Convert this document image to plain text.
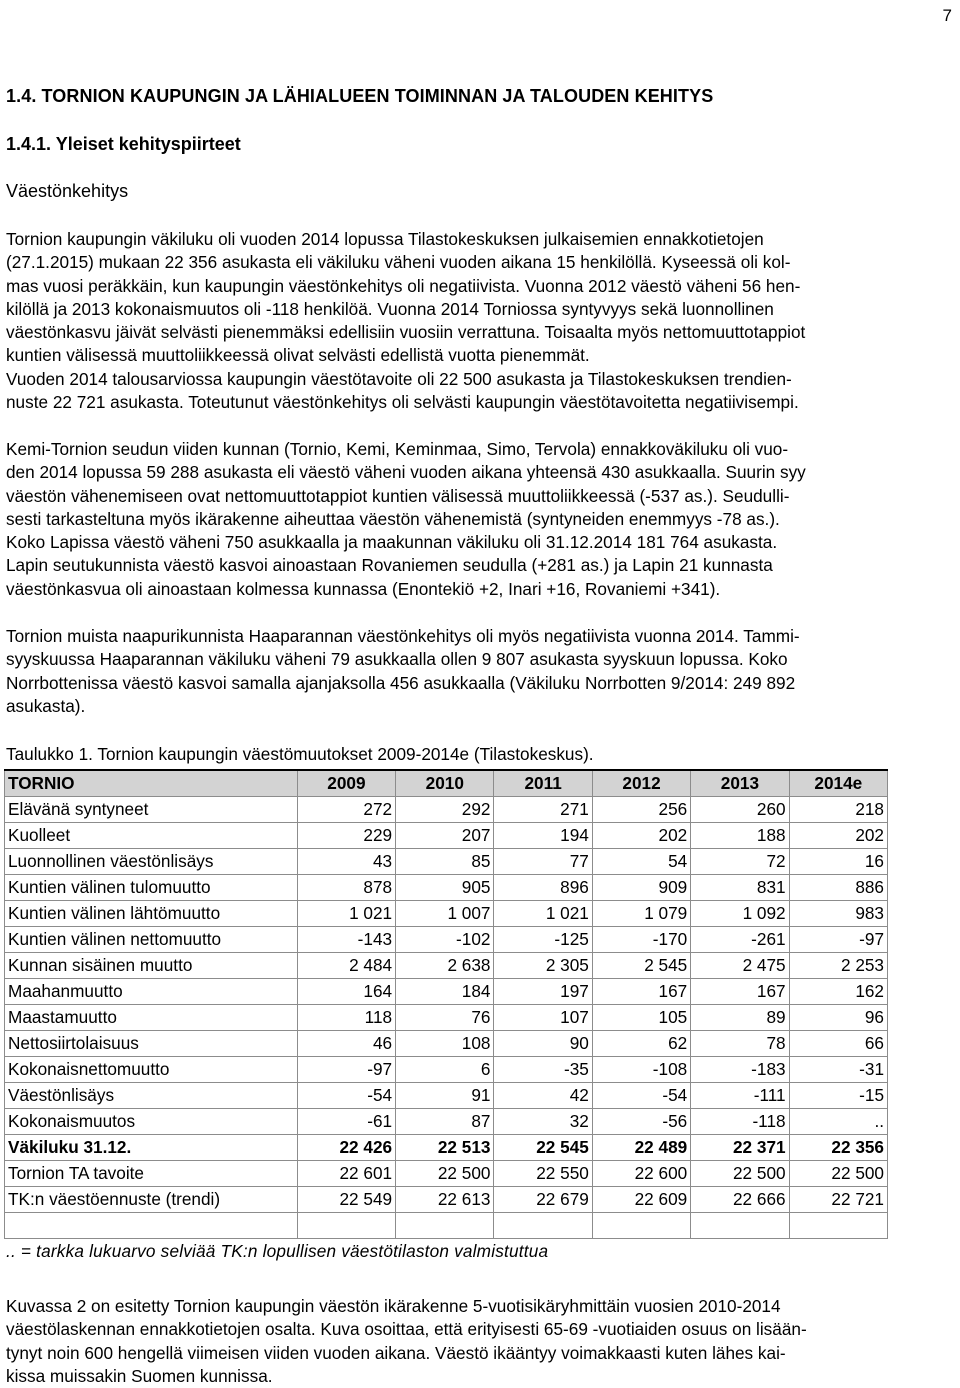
7
1.4. TORNION KAUPUNGIN JA LÄHIALUEEN TOIMINNAN JA TALOUDEN KEHITYS
1.4.1. Yleiset kehityspiirteet
Väestönkehitys

Tornion kaupungin väkiluku oli vuoden 2014 lopussa Tilastokeskuksen julkaisemien ennakkotietojen
(27.1.2015) mukaan 22 356 asukasta eli väkiluku väheni vuoden aikana 15 henkilöllä. Kyseessä oli kol-
mas vuosi peräkkäin, kun kaupungin väestönkehitys oli negatiivista. Vuonna 2012 väestö väheni 56 hen-
kilöllä ja 2013 kokonaismuutos oli -118 henkilöä. Vuonna 2014 Torniossa syntyvyys sekä luonnollinen
väestönkasvu jäivät selvästi pienemmäksi edellisiin vuosiin verrattuna. Toisaalta myös nettomuuttotappiot
kuntien välisessä muuttoliikkeessä olivat selvästi edellistä vuotta pienemmät.
Vuoden 2014 talousarviossa kaupungin väestötavoite oli 22 500 asukasta ja Tilastokeskuksen trendien-
nuste 22 721 asukasta. Toteutunut väestönkehitys oli selvästi kaupungin väestötavoitetta negatiivisempi.

Kemi-Tornion seudun viiden kunnan (Tornio, Kemi, Keminmaa, Simo, Tervola) ennakkoväkiluku oli vuo-
den 2014 lopussa 59 288 asukasta eli väestö väheni vuoden aikana yhteensä 430 asukkaalla. Suurin syy
väestön vähenemiseen ovat nettomuuttotappiot kuntien välisessä muuttoliikkeessä (-537 as.). Seudulli-
sesti tarkasteltuna myös ikärakenne aiheuttaa väestön vähenemistä (syntyneiden enemmyys -78 as.).
Koko Lapissa väestö väheni 750 asukkaalla ja maakunnan väkiluku oli 31.12.2014 181 764 asukasta.
Lapin seutukunnista väestö kasvoi ainoastaan Rovaniemen seudulla (+281 as.) ja Lapin 21 kunnasta
väestönkasvua oli ainoastaan kolmessa kunnassa (Enontekiö +2, Inari +16, Rovaniemi +341).

Tornion muista naapurikunnista Haaparannan väestönkehitys oli myös negatiivista vuonna 2014. Tammi-
syyskuussa Haaparannan väkiluku väheni 79 asukkaalla ollen 9 807 asukasta syyskuun lopussa. Koko
Norrbottenissa väestö kasvoi samalla ajanjaksolla 456 asukkaalla (Väkiluku Norrbotten 9/2014: 249 892
asukasta).

Taulukko 1. Tornion kaupungin väestömuutokset 2009-2014e (Tilastokeskus).
TORNIO	2009	2010	2011	2012	2013	2014e
Elävänä syntyneet	272	292	271	256	260	218
Kuolleet	229	207	194	202	188	202
Luonnollinen väestönlisäys	43	85	77	54	72	16
Kuntien välinen tulomuutto	878	905	896	909	831	886
Kuntien välinen lähtömuutto	1 021	1 007	1 021	1 079	1 092	983
Kuntien välinen nettomuutto	-143	-102	-125	-170	-261	-97
Kunnan sisäinen muutto	2 484	2 638	2 305	2 545	2 475	2 253
Maahanmuutto	164	184	197	167	167	162
Maastamuutto	118	76	107	105	89	96
Nettosiirtolaisuus	46	108	90	62	78	66
Kokonaisnettomuutto	-97	6	-35	-108	-183	-31
Väestönlisäys	-54	91	42	-54	-111	-15
Kokonaismuutos	-61	87	32	-56	-118	..
Väkiluku 31.12.	22 426	22 513	22 545	22 489	22 371	22 356
Tornion TA tavoite	22 601	22 500	22 550	22 600	22 500	22 500
TK:n väestöennuste (trendi)	22 549	22 613	22 679	22 609	22 666	22 721

.. = tarkka lukuarvo selviää TK:n lopullisen väestötilaston valmistuttua

Kuvassa 2 on esitetty Tornion kaupungin väestön ikärakenne 5-vuotisikäryhmittäin vuosien 2010-2014
väestölaskennan ennakkotietojen osalta. Kuva osoittaa, että erityisesti 65-69 -vuotiaiden osuus on lisään-
tynyt noin 600 hengellä viimeisen viiden vuoden aikana. Väestö ikääntyy voimakkaasti kuten lähes kai-
kissa muissakin Suomen kunnissa.
